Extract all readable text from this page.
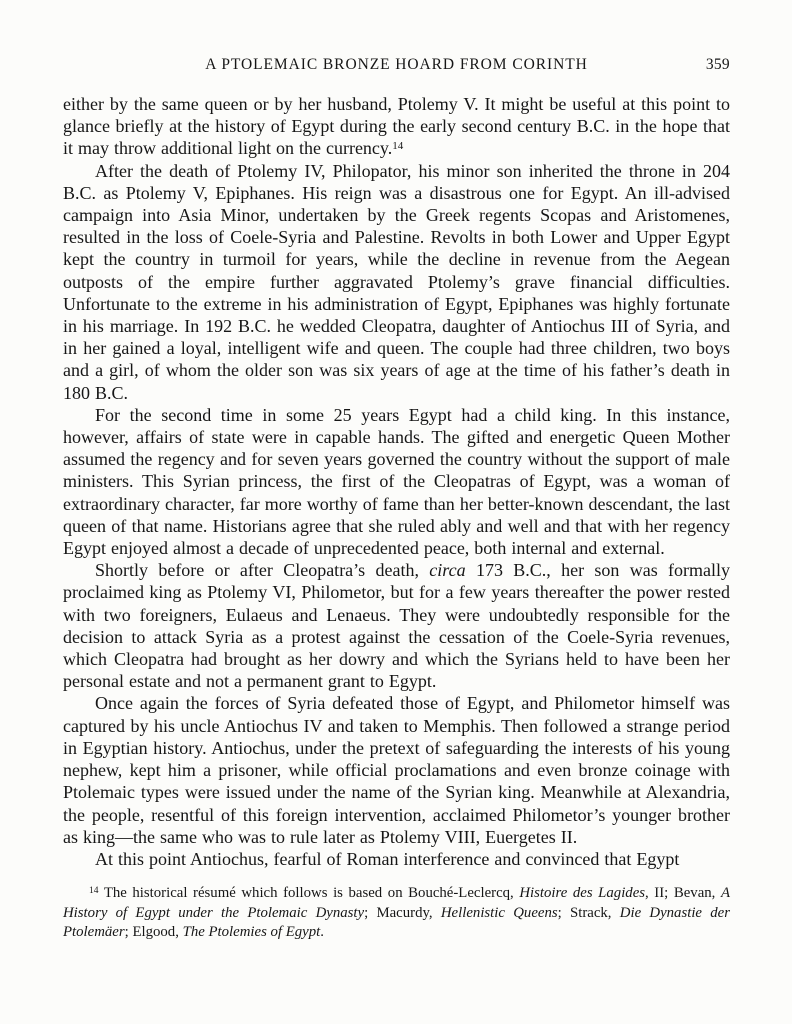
A PTOLEMAIC BRONZE HOARD FROM CORINTH	359

either by the same queen or by her husband, Ptolemy V. It might be useful at this point to glance briefly at the history of Egypt during the early second century B.C. in the hope that it may throw additional light on the currency.$^{14}$

After the death of Ptolemy IV, Philopator, his minor son inherited the throne in 204 B.C. as Ptolemy V, Epiphanes. His reign was a disastrous one for Egypt. An ill-advised campaign into Asia Minor, undertaken by the Greek regents Scopas and Aristomenes, resulted in the loss of Coele-Syria and Palestine. Revolts in both Lower and Upper Egypt kept the country in turmoil for years, while the decline in revenue from the Aegean outposts of the empire further aggravated Ptolemy’s grave financial difficulties. Unfortunate to the extreme in his administration of Egypt, Epiphanes was highly fortunate in his marriage. In 192 B.C. he wedded Cleopatra, daughter of Antiochus III of Syria, and in her gained a loyal, intelligent wife and queen. The couple had three children, two boys and a girl, of whom the older son was six years of age at the time of his father’s death in 180 B.C.

For the second time in some 25 years Egypt had a child king. In this instance, however, affairs of state were in capable hands. The gifted and energetic Queen Mother assumed the regency and for seven years governed the country without the support of male ministers. This Syrian princess, the first of the Cleopatras of Egypt, was a woman of extraordinary character, far more worthy of fame than her better-known descendant, the last queen of that name. Historians agree that she ruled ably and well and that with her regency Egypt enjoyed almost a decade of unprecedented peace, both internal and external.

Shortly before or after Cleopatra’s death, circa 173 B.C., her son was formally proclaimed king as Ptolemy VI, Philometor, but for a few years thereafter the power rested with two foreigners, Eulaeus and Lenaeus. They were undoubtedly responsible for the decision to attack Syria as a protest against the cessation of the Coele-Syria revenues, which Cleopatra had brought as her dowry and which the Syrians held to have been her personal estate and not a permanent grant to Egypt.

Once again the forces of Syria defeated those of Egypt, and Philometor himself was captured by his uncle Antiochus IV and taken to Memphis. Then followed a strange period in Egyptian history. Antiochus, under the pretext of safeguarding the interests of his young nephew, kept him a prisoner, while official proclamations and even bronze coinage with Ptolemaic types were issued under the name of the Syrian king. Meanwhile at Alexandria, the people, resentful of this foreign intervention, acclaimed Philometor’s younger brother as king—the same who was to rule later as Ptolemy VIII, Euergetes II.

At this point Antiochus, fearful of Roman interference and convinced that Egypt

$^{14}$ The historical résumé which follows is based on Bouché-Leclercq, Histoire des Lagides, II; Bevan, A History of Egypt under the Ptolemaic Dynasty; Macurdy, Hellenistic Queens; Strack, Die Dynastie der Ptolemäer; Elgood, The Ptolemies of Egypt.
